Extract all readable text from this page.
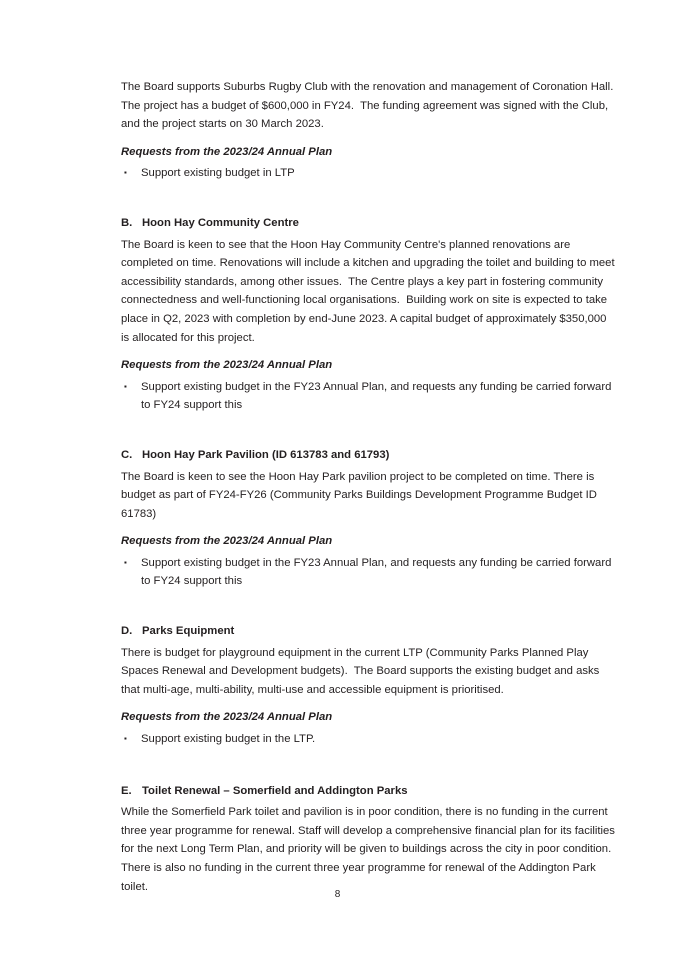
The Board supports Suburbs Rugby Club with the renovation and management of Coronation Hall.  The project has a budget of $600,000 in FY24.  The funding agreement was signed with the Club, and the project starts on 30 March 2023.

Requests from the 2023/24 Annual Plan
▪ Support existing budget in LTP
B. Hoon Hay Community Centre

The Board is keen to see that the Hoon Hay Community Centre's planned renovations are completed on time. Renovations will include a kitchen and upgrading the toilet and building to meet accessibility standards, among other issues.  The Centre plays a key part in fostering community connectedness and well-functioning local organisations.  Building work on site is expected to take place in Q2, 2023 with completion by end-June 2023. A capital budget of approximately $350,000 is allocated for this project.

Requests from the 2023/24 Annual Plan
▪ Support existing budget in the FY23 Annual Plan, and requests any funding be carried forward to FY24 support this
C. Hoon Hay Park Pavilion (ID 613783 and 61793)

The Board is keen to see the Hoon Hay Park pavilion project to be completed on time. There is budget as part of FY24-FY26 (Community Parks Buildings Development Programme Budget ID 61783)

Requests from the 2023/24 Annual Plan
▪ Support existing budget in the FY23 Annual Plan, and requests any funding be carried forward to FY24 support this
D. Parks Equipment

There is budget for playground equipment in the current LTP (Community Parks Planned Play Spaces Renewal and Development budgets).  The Board supports the existing budget and asks that multi-age, multi-ability, multi-use and accessible equipment is prioritised.

Requests from the 2023/24 Annual Plan
▪ Support existing budget in the LTP.
E. Toilet Renewal – Somerfield and Addington Parks

While the Somerfield Park toilet and pavilion is in poor condition, there is no funding in the current three year programme for renewal. Staff will develop a comprehensive financial plan for its facilities for the next Long Term Plan, and priority will be given to buildings across the city in poor condition.  There is also no funding in the current three year programme for renewal of the Addington Park toilet.

8
